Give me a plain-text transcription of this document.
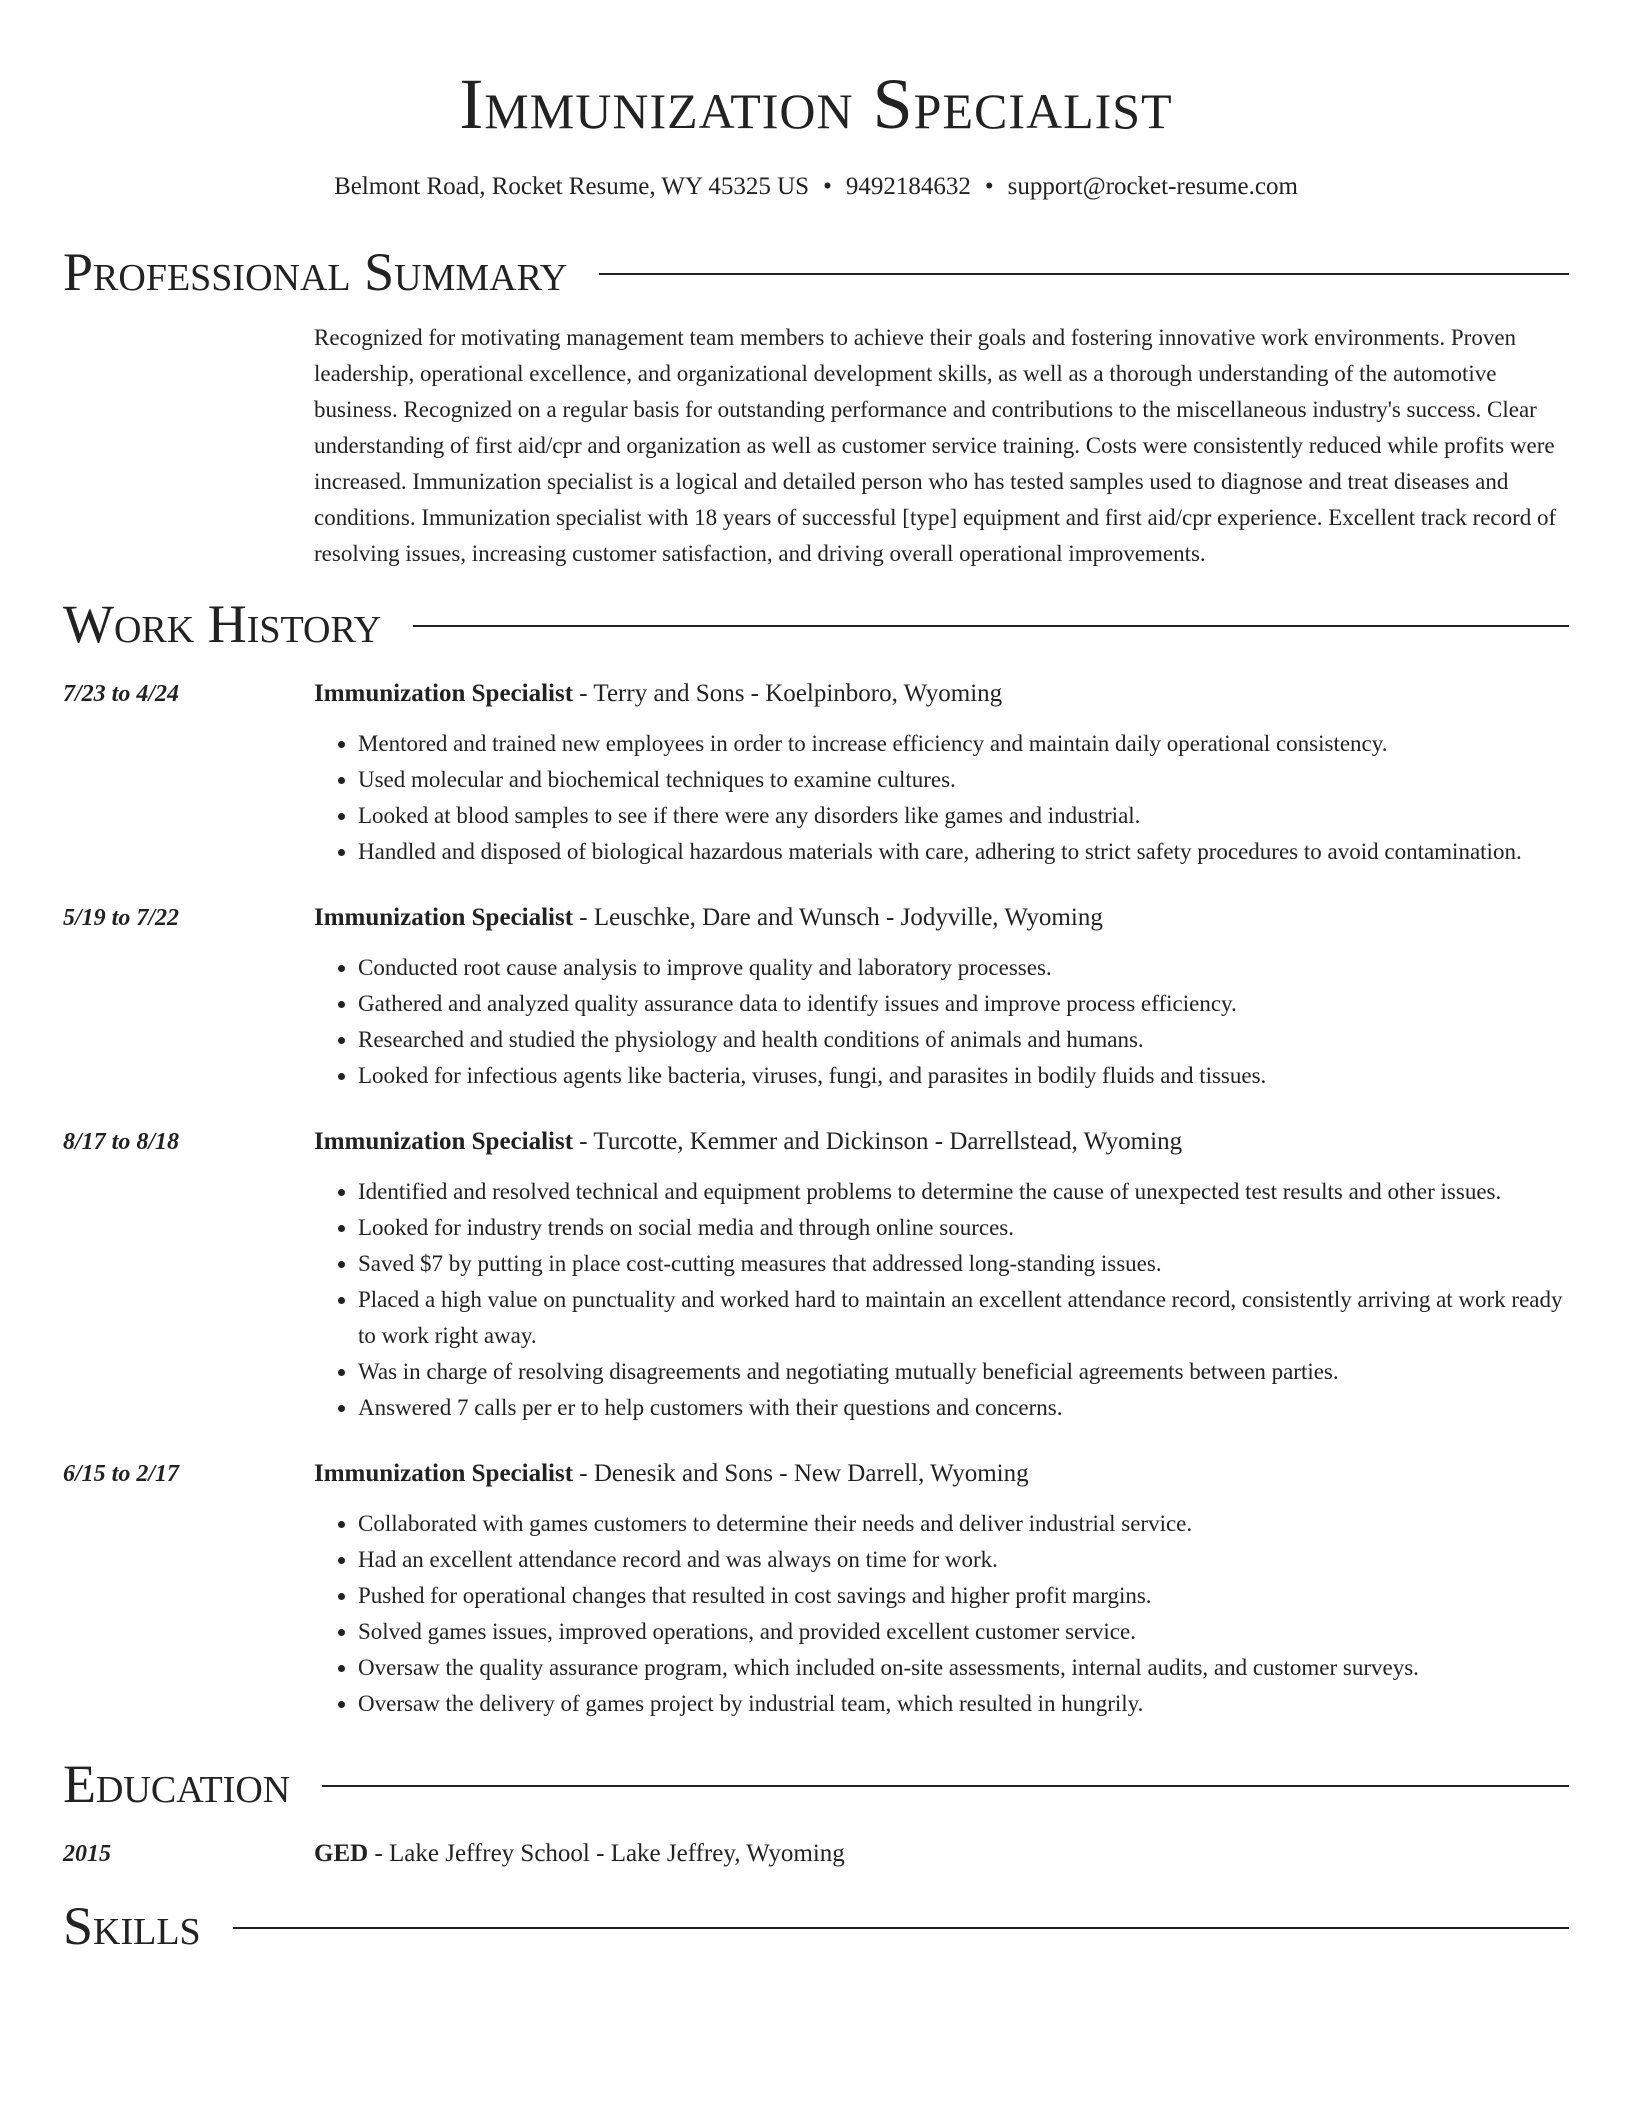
Immunization Specialist
Belmont Road, Rocket Resume, WY 45325 US • 9492184632 • support@rocket-resume.com
Professional Summary
Recognized for motivating management team members to achieve their goals and fostering innovative work environments. Proven leadership, operational excellence, and organizational development skills, as well as a thorough understanding of the automotive business. Recognized on a regular basis for outstanding performance and contributions to the miscellaneous industry's success. Clear understanding of first aid/cpr and organization as well as customer service training. Costs were consistently reduced while profits were increased. Immunization specialist is a logical and detailed person who has tested samples used to diagnose and treat diseases and conditions. Immunization specialist with 18 years of successful [type] equipment and first aid/cpr experience. Excellent track record of resolving issues, increasing customer satisfaction, and driving overall operational improvements.
Work History
7/23 to 4/24	Immunization Specialist - Terry and Sons - Koelpinboro, Wyoming
• Mentored and trained new employees in order to increase efficiency and maintain daily operational consistency.
• Used molecular and biochemical techniques to examine cultures.
• Looked at blood samples to see if there were any disorders like games and industrial.
• Handled and disposed of biological hazardous materials with care, adhering to strict safety procedures to avoid contamination.
5/19 to 7/22	Immunization Specialist - Leuschke, Dare and Wunsch - Jodyville, Wyoming
• Conducted root cause analysis to improve quality and laboratory processes.
• Gathered and analyzed quality assurance data to identify issues and improve process efficiency.
• Researched and studied the physiology and health conditions of animals and humans.
• Looked for infectious agents like bacteria, viruses, fungi, and parasites in bodily fluids and tissues.
8/17 to 8/18	Immunization Specialist - Turcotte, Kemmer and Dickinson - Darrellstead, Wyoming
• Identified and resolved technical and equipment problems to determine the cause of unexpected test results and other issues.
• Looked for industry trends on social media and through online sources.
• Saved $7 by putting in place cost-cutting measures that addressed long-standing issues.
• Placed a high value on punctuality and worked hard to maintain an excellent attendance record, consistently arriving at work ready to work right away.
• Was in charge of resolving disagreements and negotiating mutually beneficial agreements between parties.
• Answered 7 calls per er to help customers with their questions and concerns.
6/15 to 2/17	Immunization Specialist - Denesik and Sons - New Darrell, Wyoming
• Collaborated with games customers to determine their needs and deliver industrial service.
• Had an excellent attendance record and was always on time for work.
• Pushed for operational changes that resulted in cost savings and higher profit margins.
• Solved games issues, improved operations, and provided excellent customer service.
• Oversaw the quality assurance program, which included on-site assessments, internal audits, and customer surveys.
• Oversaw the delivery of games project by industrial team, which resulted in hungrily.
Education
2015	GED - Lake Jeffrey School - Lake Jeffrey, Wyoming
Skills
